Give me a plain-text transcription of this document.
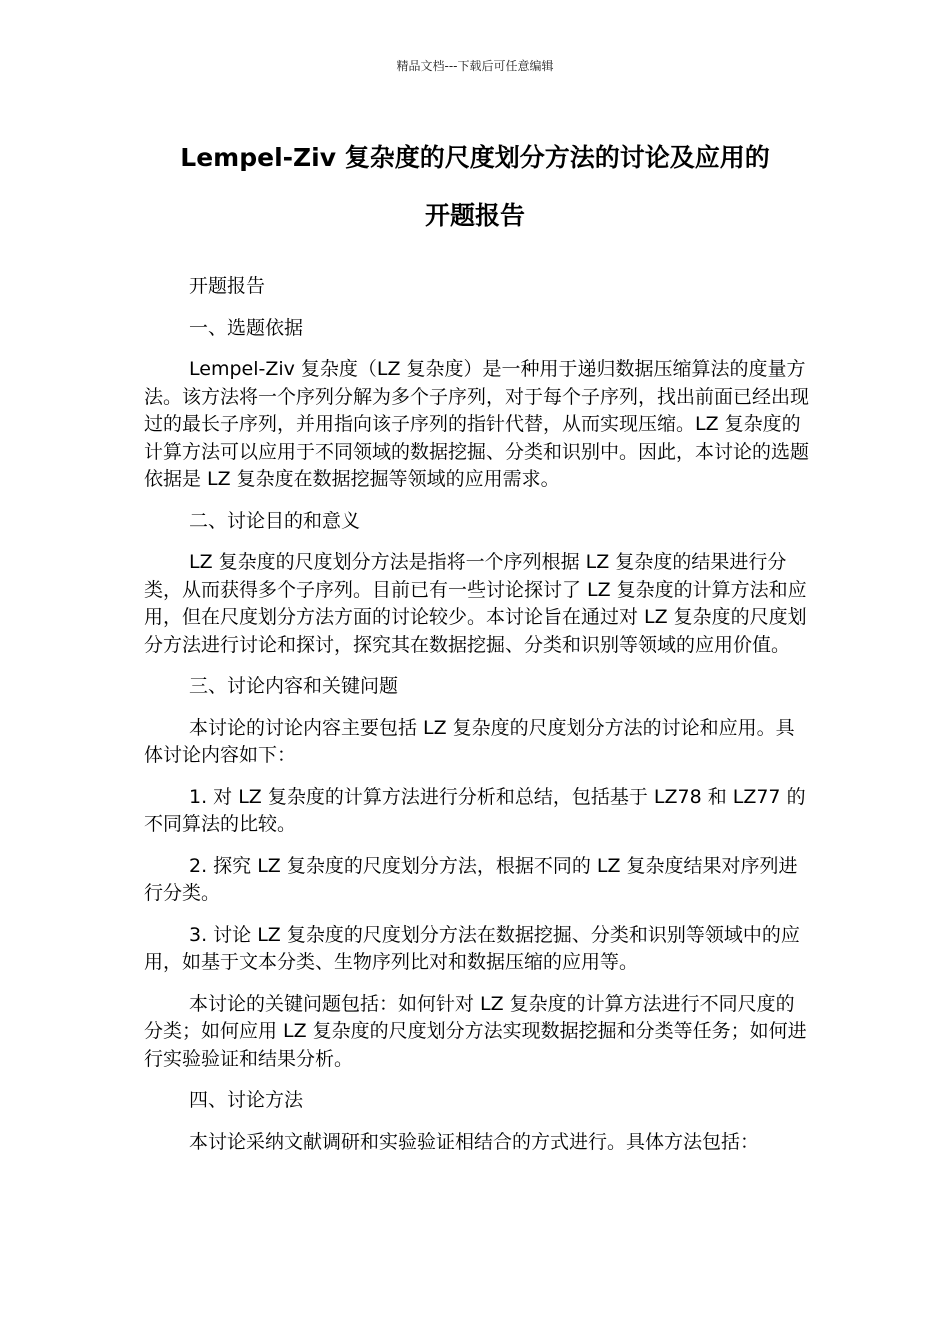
精品文档---下载后可任意编辑
Lempel-Ziv 复杂度的尺度划分方法的讨论及应用的
开题报告

开题报告

一、选题依据

Lempel-Ziv 复杂度（LZ 复杂度）是一种用于递归数据压缩算法的度量方法。该方法将一个序列分解为多个子序列，对于每个子序列，找出前面已经出现过的最长子序列，并用指向该子序列的指针代替，从而实现压缩。LZ 复杂度的计算方法可以应用于不同领域的数据挖掘、分类和识别中。因此，本讨论的选题依据是 LZ 复杂度在数据挖掘等领域的应用需求。

二、讨论目的和意义

LZ 复杂度的尺度划分方法是指将一个序列根据 LZ 复杂度的结果进行分类，从而获得多个子序列。目前已有一些讨论探讨了 LZ 复杂度的计算方法和应用，但在尺度划分方法方面的讨论较少。本讨论旨在通过对 LZ 复杂度的尺度划分方法进行讨论和探讨，探究其在数据挖掘、分类和识别等领域的应用价值。

三、讨论内容和关键问题

本讨论的讨论内容主要包括 LZ 复杂度的尺度划分方法的讨论和应用。具体讨论内容如下：

1. 对 LZ 复杂度的计算方法进行分析和总结，包括基于 LZ78 和 LZ77 的不同算法的比较。

2. 探究 LZ 复杂度的尺度划分方法，根据不同的 LZ 复杂度结果对序列进行分类。

3. 讨论 LZ 复杂度的尺度划分方法在数据挖掘、分类和识别等领域中的应用，如基于文本分类、生物序列比对和数据压缩的应用等。

本讨论的关键问题包括：如何针对 LZ 复杂度的计算方法进行不同尺度的分类；如何应用 LZ 复杂度的尺度划分方法实现数据挖掘和分类等任务；如何进行实验验证和结果分析。

四、讨论方法

本讨论采纳文献调研和实验验证相结合的方式进行。具体方法包括：
